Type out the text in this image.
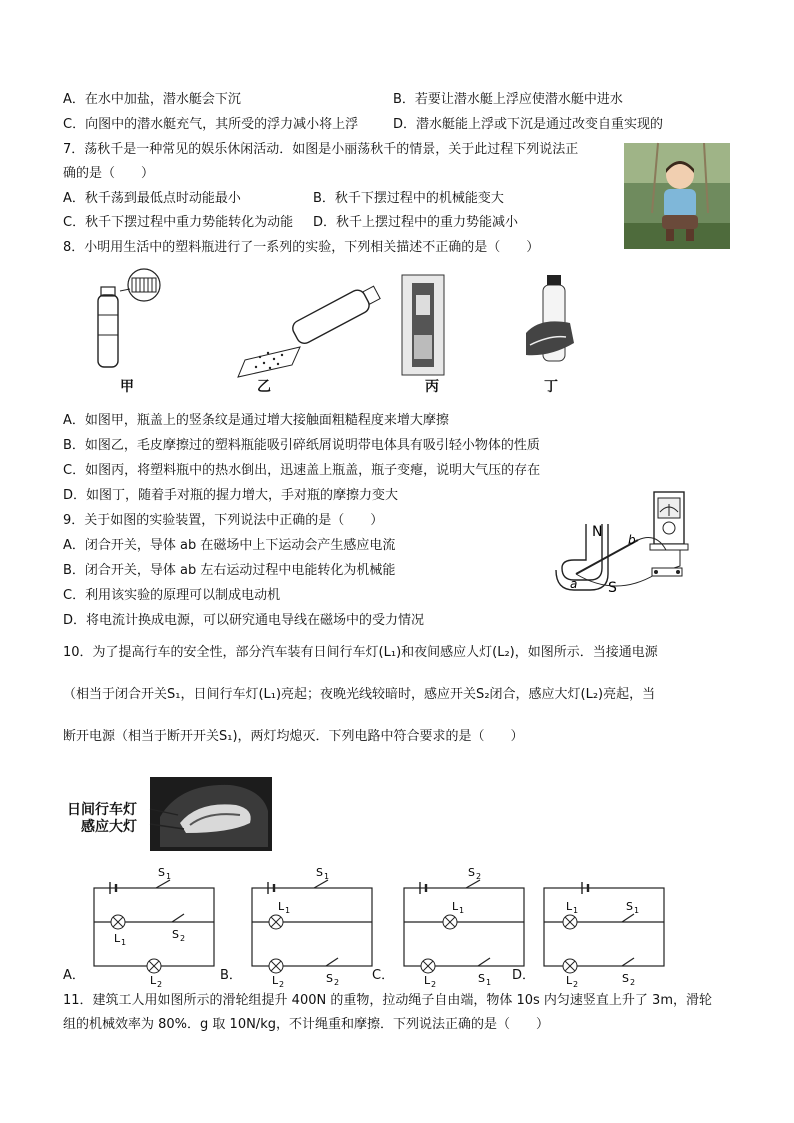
A．在水中加盐，潜水艇会下沉	B．若要让潜水艇上浮应使潜水艇中进水
C．向图中的潜水艇充气，其所受的浮力减小将上浮	D．潜水艇能上浮或下沉是通过改变自重实现的
7．荡秋千是一种常见的娱乐休闲活动．如图是小丽荡秋千的情景，关于此过程下列说法正
确的是（　　）
A．秋千荡到最低点时动能最小	B．秋千下摆过程中的机械能变大
C．秋千下摆过程中重力势能转化为动能 D．秋千上摆过程中的重力势能减小
8．小明用生活中的塑料瓶进行了一系列的实验，下列相关描述不正确的是（　　）
甲	乙	丙	丁
A．如图甲，瓶盖上的竖条纹是通过增大接触面粗糙程度来增大摩擦
B．如图乙，毛皮摩擦过的塑料瓶能吸引碎纸屑说明带电体具有吸引轻小物体的性质
C．如图丙，将塑料瓶中的热水倒出，迅速盖上瓶盖，瓶子变瘪，说明大气压的存在
D．如图丁，随着手对瓶的握力增大，手对瓶的摩擦力变大
9．关于如图的实验装置，下列说法中正确的是（　　）
A．闭合开关，导体 ab 在磁场中上下运动会产生感应电流
B．闭合开关，导体 ab 左右运动过程中电能转化为机械能
C．利用该实验的原理可以制成电动机
D．将电流计换成电源，可以研究通电导线在磁场中的受力情况
N
S
a
b
10．为了提高行车的安全性，部分汽车装有日间行车灯(L₁)和夜间感应人灯(L₂)，如图所示．当接通电源
（相当于闭合开关S₁，日间行车灯(L₁)亮起；夜晚光线较暗时，感应开关S₂闭合，感应大灯(L₂)亮起，当
断开电源（相当于断开开关S₁)，两灯均熄灭．下列电路中符合要求的是（　　）
日间行车灯
感应大灯
S 1
L 1
S 2
L 2
S 1
L 1
L 2	S 2
S 2
L 1
L 2	S 1
L 1	S 1
L 2	S 2
A．	B．	C．	D．
11．建筑工人用如图所示的滑轮组提升 400N 的重物，拉动绳子自由端，物体 10s 内匀速竖直上升了 3m，滑轮
组的机械效率为 80%．g 取 10N/kg，不计绳重和摩擦．下列说法正确的是（　　）
